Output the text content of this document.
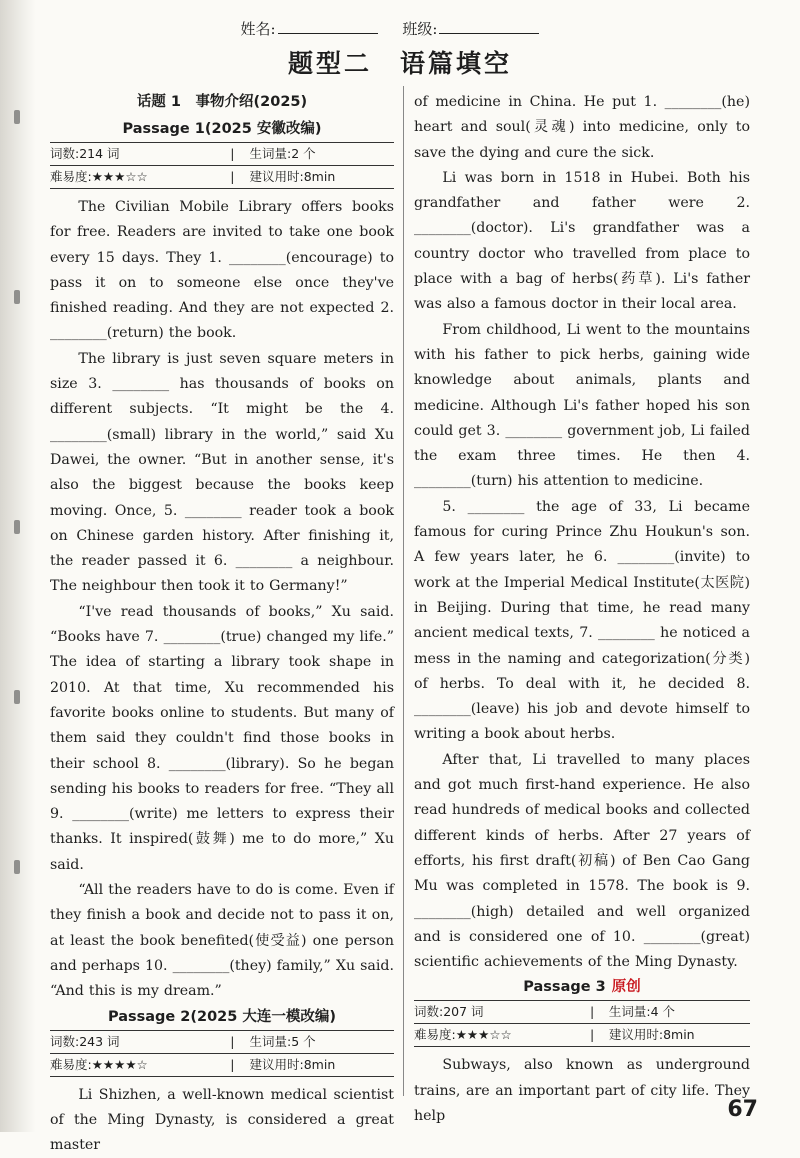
姓名:	班级:
题型二 语篇填空
话题 1　事物介绍(2025)
Passage 1(2025 安徽改编)
词数:214 词	|	生词量:2 个
难易度:★★★☆☆	|	建议用时:8min

The Civilian Mobile Library offers books for free. Readers are invited to take one book every 15 days. They 1. ________(encourage) to pass it on to someone else once they've finished reading. And they are not expected 2. ________(return) the book.

The library is just seven square meters in size 3. ________ has thousands of books on different subjects. “It might be the 4. ________(small) library in the world,” said Xu Dawei, the owner. “But in another sense, it's also the biggest because the books keep moving. Once, 5. ________ reader took a book on Chinese garden history. After finishing it, the reader passed it 6. ________ a neighbour. The neighbour then took it to Germany!”

“I've read thousands of books,” Xu said. “Books have 7. ________(true) changed my life.” The idea of starting a library took shape in 2010. At that time, Xu recommended his favorite books online to students. But many of them said they couldn't find those books in their school 8. ________(library). So he began sending his books to readers for free. “They all 9. ________(write) me letters to express their thanks. It inspired(鼓舞) me to do more,” Xu said.

“All the readers have to do is come. Even if they finish a book and decide not to pass it on, at least the book benefited(使受益) one person and perhaps 10. ________(they) family,” Xu said. “And this is my dream.”

Passage 2(2025 大连一模改编)
词数:243 词	|	生词量:5 个
难易度:★★★★☆	|	建议用时:8min

Li Shizhen, a well-known medical scientist of the Ming Dynasty, is considered a great master

of medicine in China. He put 1. ________(he) heart and soul(灵魂) into medicine, only to save the dying and cure the sick.

Li was born in 1518 in Hubei. Both his grandfather and father were 2. ________(doctor). Li's grandfather was a country doctor who travelled from place to place with a bag of herbs(药草). Li's father was also a famous doctor in their local area.

From childhood, Li went to the mountains with his father to pick herbs, gaining wide knowledge about animals, plants and medicine. Although Li's father hoped his son could get 3. ________ government job, Li failed the exam three times. He then 4. ________(turn) his attention to medicine.

5. ________ the age of 33, Li became famous for curing Prince Zhu Houkun's son. A few years later, he 6. ________(invite) to work at the Imperial Medical Institute(太医院) in Beijing. During that time, he read many ancient medical texts, 7. ________ he noticed a mess in the naming and categorization(分类) of herbs. To deal with it, he decided 8. ________(leave) his job and devote himself to writing a book about herbs.

After that, Li travelled to many places and got much first-hand experience. He also read hundreds of medical books and collected different kinds of herbs. After 27 years of efforts, his first draft(初稿) of Ben Cao Gang Mu was completed in 1578. The book is 9. ________(high) detailed and well organized and is considered one of 10. ________(great) scientific achievements of the Ming Dynasty.

Passage 3 原创
词数:207 词	|	生词量:4 个
难易度:★★★☆☆	|	建议用时:8min

Subways, also known as underground trains, are an important part of city life. They help	67
